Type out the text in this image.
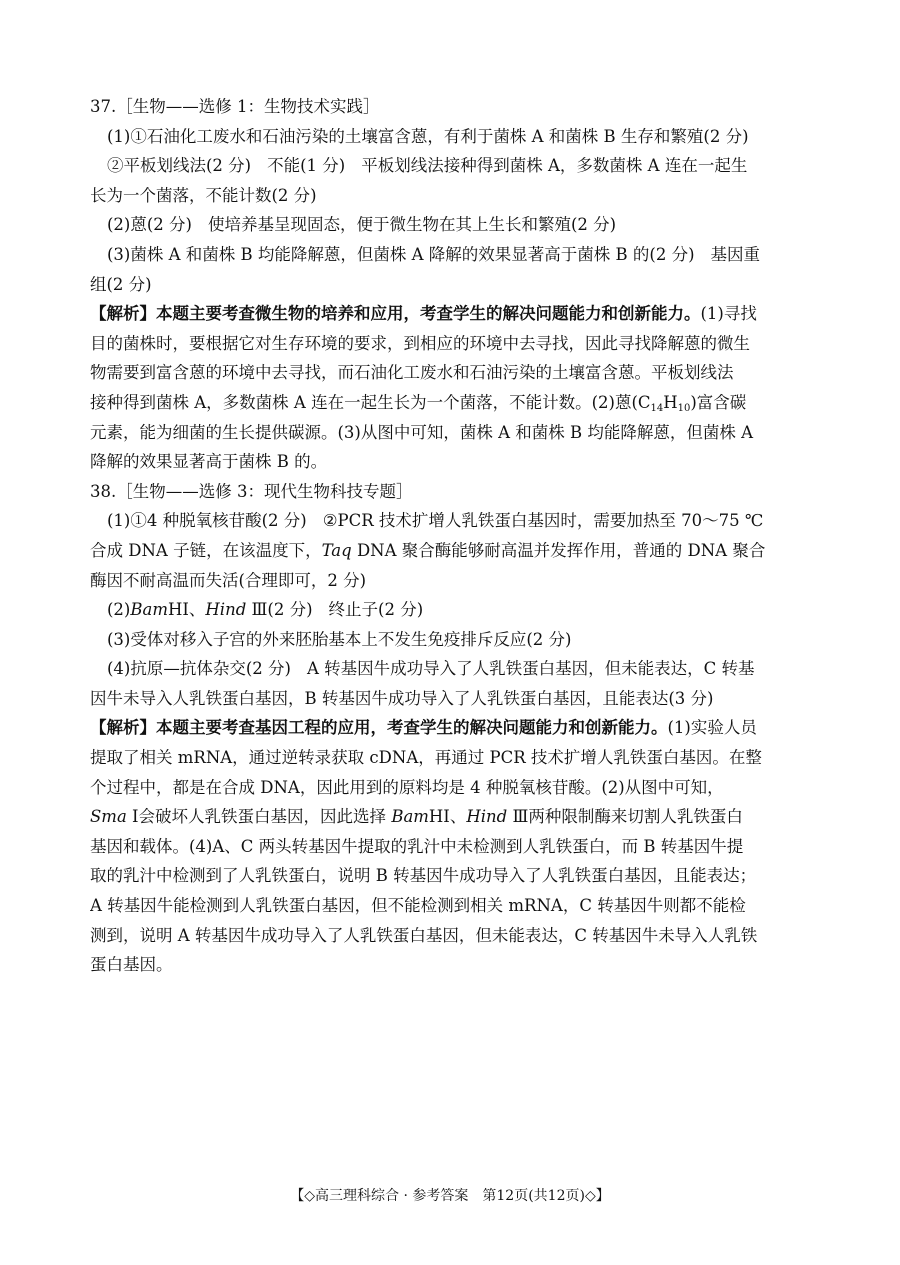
37.［生物——选修 1：生物技术实践］
(1)①石油化工废水和石油污染的土壤富含蒽，有利于菌株 A 和菌株 B 生存和繁殖(2 分)
②平板划线法(2 分) 不能(1 分) 平板划线法接种得到菌株 A，多数菌株 A 连在一起生
长为一个菌落，不能计数(2 分)
(2)蒽(2 分) 使培养基呈现固态，便于微生物在其上生长和繁殖(2 分)
(3)菌株 A 和菌株 B 均能降解蒽，但菌株 A 降解的效果显著高于菌株 B 的(2 分) 基因重
组(2 分)
【解析】本题主要考查微生物的培养和应用，考查学生的解决问题能力和创新能力。(1)寻找
目的菌株时，要根据它对生存环境的要求，到相应的环境中去寻找，因此寻找降解蒽的微生
物需要到富含蒽的环境中去寻找，而石油化工废水和石油污染的土壤富含蒽。平板划线法
接种得到菌株 A，多数菌株 A 连在一起生长为一个菌落，不能计数。(2)蒽$(C_{14}H_{10})$富含碳
元素，能为细菌的生长提供碳源。(3)从图中可知，菌株 A 和菌株 B 均能降解蒽，但菌株 A
降解的效果显著高于菌株 B 的。
38.［生物——选修 3：现代生物科技专题］
(1)①4 种脱氧核苷酸(2 分) ②PCR 技术扩增人乳铁蛋白基因时，需要加热至 70～75 ℃
合成 DNA 子链，在该温度下，Taq DNA 聚合酶能够耐高温并发挥作用，普通的 DNA 聚合
酶因不耐高温而失活(合理即可，2 分)
(2)BamHⅠ、Hind Ⅲ(2 分) 终止子(2 分)
(3)受体对移入子宫的外来胚胎基本上不发生免疫排斥反应(2 分)
(4)抗原—抗体杂交(2 分) A 转基因牛成功导入了人乳铁蛋白基因，但未能表达，C 转基
因牛未导入人乳铁蛋白基因，B 转基因牛成功导入了人乳铁蛋白基因，且能表达(3 分)
【解析】本题主要考查基因工程的应用，考查学生的解决问题能力和创新能力。(1)实验人员
提取了相关 mRNA，通过逆转录获取 cDNA，再通过 PCR 技术扩增人乳铁蛋白基因。在整
个过程中，都是在合成 DNA，因此用到的原料均是 4 种脱氧核苷酸。(2)从图中可知，
Sma Ⅰ会破坏人乳铁蛋白基因，因此选择 BamHⅠ、Hind Ⅲ两种限制酶来切割人乳铁蛋白
基因和载体。(4)A、C 两头转基因牛提取的乳汁中未检测到人乳铁蛋白，而 B 转基因牛提
取的乳汁中检测到了人乳铁蛋白，说明 B 转基因牛成功导入了人乳铁蛋白基因，且能表达；
A 转基因牛能检测到人乳铁蛋白基因，但不能检测到相关 mRNA，C 转基因牛则都不能检
测到，说明 A 转基因牛成功导入了人乳铁蛋白基因，但未能表达，C 转基因牛未导入人乳铁
蛋白基因。
【◇高三理科综合 · 参考答案　第12页(共12页)◇】
